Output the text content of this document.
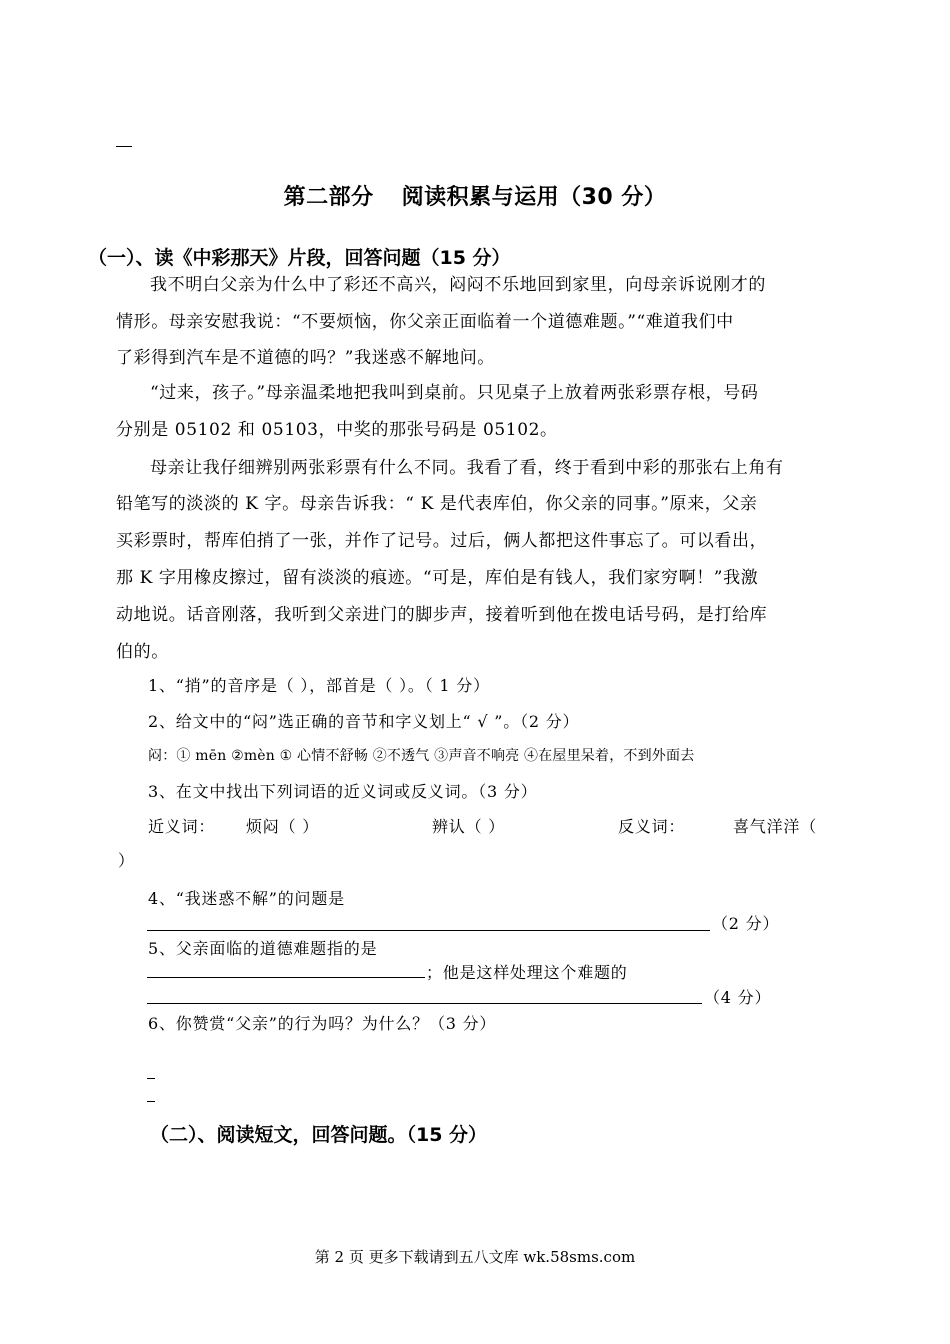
第二部分 阅读积累与运用（30 分）
（一）、读《中彩那天》片段，回答问题（15 分）
我不明白父亲为什么中了彩还不高兴，闷闷不乐地回到家里，向母亲诉说刚才的
情形。母亲安慰我说：“不要烦恼，你父亲正面临着一个道德难题。”“难道我们中
了彩得到汽车是不道德的吗？”我迷惑不解地问。
“过来，孩子。”母亲温柔地把我叫到桌前。只见桌子上放着两张彩票存根，号码
分别是 05102 和 05103，中奖的那张号码是 05102。
母亲让我仔细辨别两张彩票有什么不同。我看了看，终于看到中彩的那张右上角有
铅笔写的淡淡的 K 字。母亲告诉我：“ K 是代表库伯，你父亲的同事。”原来，父亲
买彩票时，帮库伯捎了一张，并作了记号。过后，俩人都把这件事忘了。可以看出，
那 K 字用橡皮擦过，留有淡淡的痕迹。“可是，库伯是有钱人，我们家穷啊！”我激
动地说。话音刚落，我听到父亲进门的脚步声，接着听到他在拨电话号码，是打给库
伯的。
1、“捎”的音序是（ ），部首是（ ）。（ 1 分）
2、给文中的“闷”选正确的音节和字义划上“ √ ”。（2 分）
闷：① mēn ②mèn ① 心情不舒畅 ②不透气 ③声音不响亮 ④在屋里呆着，不到外面去
3、在文中找出下列词语的近义词或反义词。（3 分）
近义词： 烦闷（ ）	辨认（ ）	反义词：	喜气洋洋（
）
4、“我迷惑不解”的问题是
（2 分）
5、父亲面临的道德难题指的是
；他是这样处理这个难题的
（4 分）
6、你赞赏“父亲”的行为吗？为什么？（3 分）
（二）、阅读短文，回答问题。（15 分）
第 2 页 更多下载请到五八文库 wk.58sms.com
